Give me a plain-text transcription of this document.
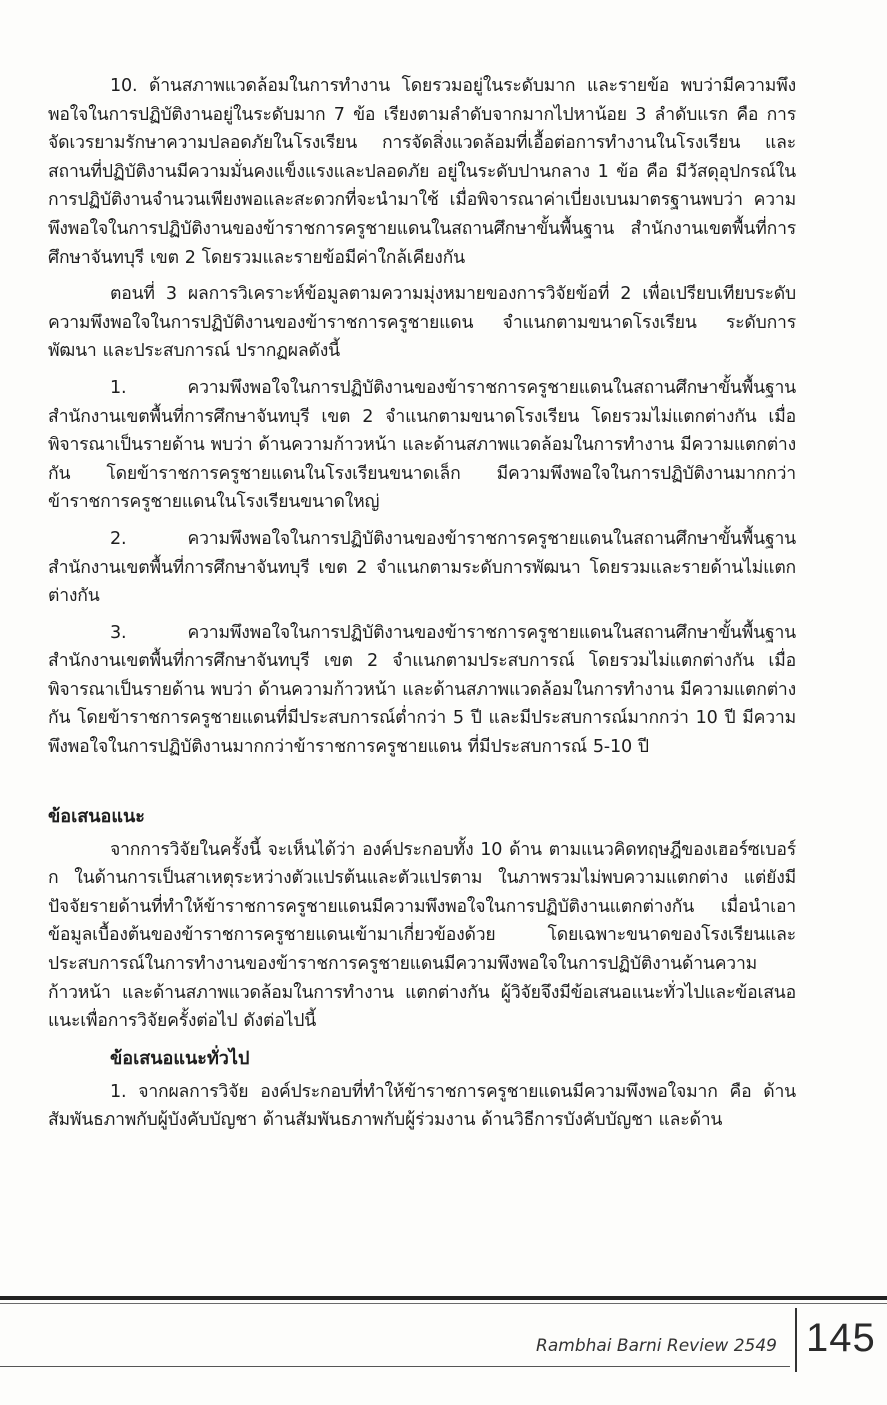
10. ด้านสภาพแวดล้อมในการทำงาน โดยรวมอยู่ในระดับมาก และรายข้อ พบว่ามีความพึงพอใจในการปฏิบัติงานอยู่ในระดับมาก 7 ข้อ เรียงตามลำดับจากมากไปหาน้อย 3 ลำดับแรก คือ การจัดเวรยามรักษาความปลอดภัยในโรงเรียน การจัดสิ่งแวดล้อมที่เอื้อต่อการทำงานในโรงเรียน และสถานที่ปฏิบัติงานมีความมั่นคงแข็งแรงและปลอดภัย อยู่ในระดับปานกลาง 1 ข้อ คือ มีวัสดุอุปกรณ์ในการปฏิบัติงานจำนวนเพียงพอและสะดวกที่จะนำมาใช้ เมื่อพิจารณาค่าเบี่ยงเบนมาตรฐานพบว่า ความพึงพอใจในการปฏิบัติงานของข้าราชการครูชายแดนในสถานศึกษาขั้นพื้นฐาน สำนักงานเขตพื้นที่การศึกษาจันทบุรี เขต 2 โดยรวมและรายข้อมีค่าใกล้เคียงกัน

ตอนที่ 3 ผลการวิเคราะห์ข้อมูลตามความมุ่งหมายของการวิจัยข้อที่ 2 เพื่อเปรียบเทียบระดับความพึงพอใจในการปฏิบัติงานของข้าราชการครูชายแดน จำแนกตามขนาดโรงเรียน ระดับการพัฒนา และประสบการณ์ ปรากฏผลดังนี้

1. ความพึงพอใจในการปฏิบัติงานของข้าราชการครูชายแดนในสถานศึกษาขั้นพื้นฐาน สำนักงานเขตพื้นที่การศึกษาจันทบุรี เขต 2 จำแนกตามขนาดโรงเรียน โดยรวมไม่แตกต่างกัน เมื่อพิจารณาเป็นรายด้าน พบว่า ด้านความก้าวหน้า และด้านสภาพแวดล้อมในการทำงาน มีความแตกต่างกัน โดยข้าราชการครูชายแดนในโรงเรียนขนาดเล็ก มีความพึงพอใจในการปฏิบัติงานมากกว่าข้าราชการครูชายแดนในโรงเรียนขนาดใหญ่

2. ความพึงพอใจในการปฏิบัติงานของข้าราชการครูชายแดนในสถานศึกษาขั้นพื้นฐาน สำนักงานเขตพื้นที่การศึกษาจันทบุรี เขต 2 จำแนกตามระดับการพัฒนา โดยรวมและรายด้านไม่แตกต่างกัน

3. ความพึงพอใจในการปฏิบัติงานของข้าราชการครูชายแดนในสถานศึกษาขั้นพื้นฐาน สำนักงานเขตพื้นที่การศึกษาจันทบุรี เขต 2 จำแนกตามประสบการณ์ โดยรวมไม่แตกต่างกัน เมื่อพิจารณาเป็นรายด้าน พบว่า ด้านความก้าวหน้า และด้านสภาพแวดล้อมในการทำงาน มีความแตกต่างกัน โดยข้าราชการครูชายแดนที่มีประสบการณ์ต่ำกว่า 5 ปี และมีประสบการณ์มากกว่า 10 ปี มีความพึงพอใจในการปฏิบัติงานมากกว่าข้าราชการครูชายแดน ที่มีประสบการณ์ 5-10 ปี

ข้อเสนอแนะ

จากการวิจัยในครั้งนี้ จะเห็นได้ว่า องค์ประกอบทั้ง 10 ด้าน ตามแนวคิดทฤษฎีของเฮอร์ซเบอร์ก ในด้านการเป็นสาเหตุระหว่างตัวแปรต้นและตัวแปรตาม ในภาพรวมไม่พบความแตกต่าง แต่ยังมีปัจจัยรายด้านที่ทำให้ข้าราชการครูชายแดนมีความพึงพอใจในการปฏิบัติงานแตกต่างกัน เมื่อนำเอาข้อมูลเบื้องต้นของข้าราชการครูชายแดนเข้ามาเกี่ยวข้องด้วย โดยเฉพาะขนาดของโรงเรียนและประสบการณ์ในการทำงานของข้าราชการครูชายแดนมีความพึงพอใจในการปฏิบัติงานด้านความก้าวหน้า และด้านสภาพแวดล้อมในการทำงาน แตกต่างกัน ผู้วิจัยจึงมีข้อเสนอแนะทั่วไปและข้อเสนอแนะเพื่อการวิจัยครั้งต่อไป ดังต่อไปนี้

ข้อเสนอแนะทั่วไป

1. จากผลการวิจัย องค์ประกอบที่ทำให้ข้าราชการครูชายแดนมีความพึงพอใจมาก คือ ด้านสัมพันธภาพกับผู้บังคับบัญชา ด้านสัมพันธภาพกับผู้ร่วมงาน ด้านวิธีการบังคับบัญชา และด้าน

Rambhai Barni Review 2549 145
